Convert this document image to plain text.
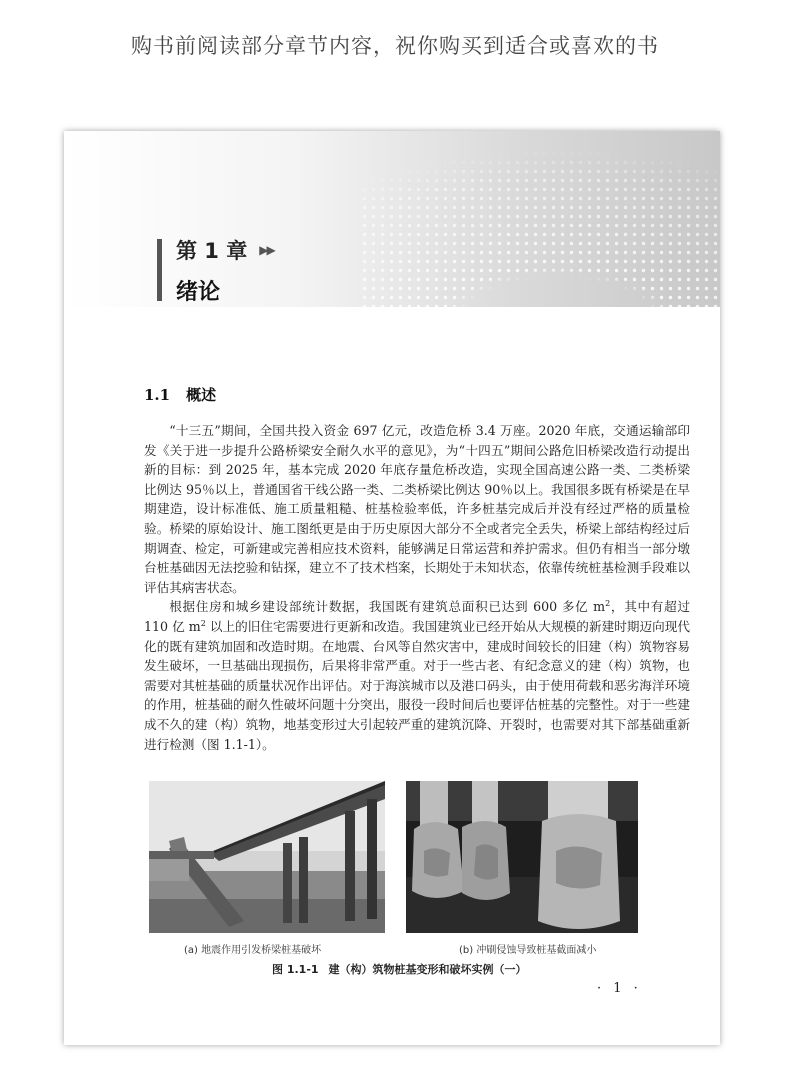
购书前阅读部分章节内容，祝你购买到适合或喜欢的书
第 1 章 ▶▶
绪论
1.1 概述

“十三五”期间，全国共投入资金 697 亿元，改造危桥 3.4 万座。2020 年底，交通运输部印发《关于进一步提升公路桥梁安全耐久水平的意见》，为“十四五”期间公路危旧桥梁改造行动提出新的目标：到 2025 年，基本完成 2020 年底存量危桥改造，实现全国高速公路一类、二类桥梁比例达 95％以上，普通国省干线公路一类、二类桥梁比例达 90％以上。我国很多既有桥梁是在早期建造，设计标准低、施工质量粗糙、桩基检验率低，许多桩基完成后并没有经过严格的质量检验。桥梁的原始设计、施工图纸更是由于历史原因大部分不全或者完全丢失，桥梁上部结构经过后期调查、检定，可新建或完善相应技术资料，能够满足日常运营和养护需求。但仍有相当一部分墩台桩基础因无法挖验和钻探，建立不了技术档案，长期处于未知状态，依靠传统桩基检测手段难以评估其病害状态。

根据住房和城乡建设部统计数据，我国既有建筑总面积已达到 600 多亿 $m^2$，其中有超过 110 亿 $m^2$ 以上的旧住宅需要进行更新和改造。我国建筑业已经开始从大规模的新建时期迈向现代化的既有建筑加固和改造时期。在地震、台风等自然灾害中，建成时间较长的旧建（构）筑物容易发生破坏，一旦基础出现损伤，后果将非常严重。对于一些古老、有纪念意义的建（构）筑物，也需要对其桩基础的质量状况作出评估。对于海滨城市以及港口码头，由于使用荷载和恶劣海洋环境的作用，桩基础的耐久性破坏问题十分突出，服役一段时间后也要评估桩基的完整性。对于一些建成不久的建（构）筑物，地基变形过大引起较严重的建筑沉降、开裂时，也需要对其下部基础重新进行检测（图 1.1-1）。

(a) 地震作用引发桥梁桩基破坏	(b) 冲刷侵蚀导致桩基截面减小
图 1.1-1 建（构）筑物桩基变形和破坏实例（一）
· 1 ·
